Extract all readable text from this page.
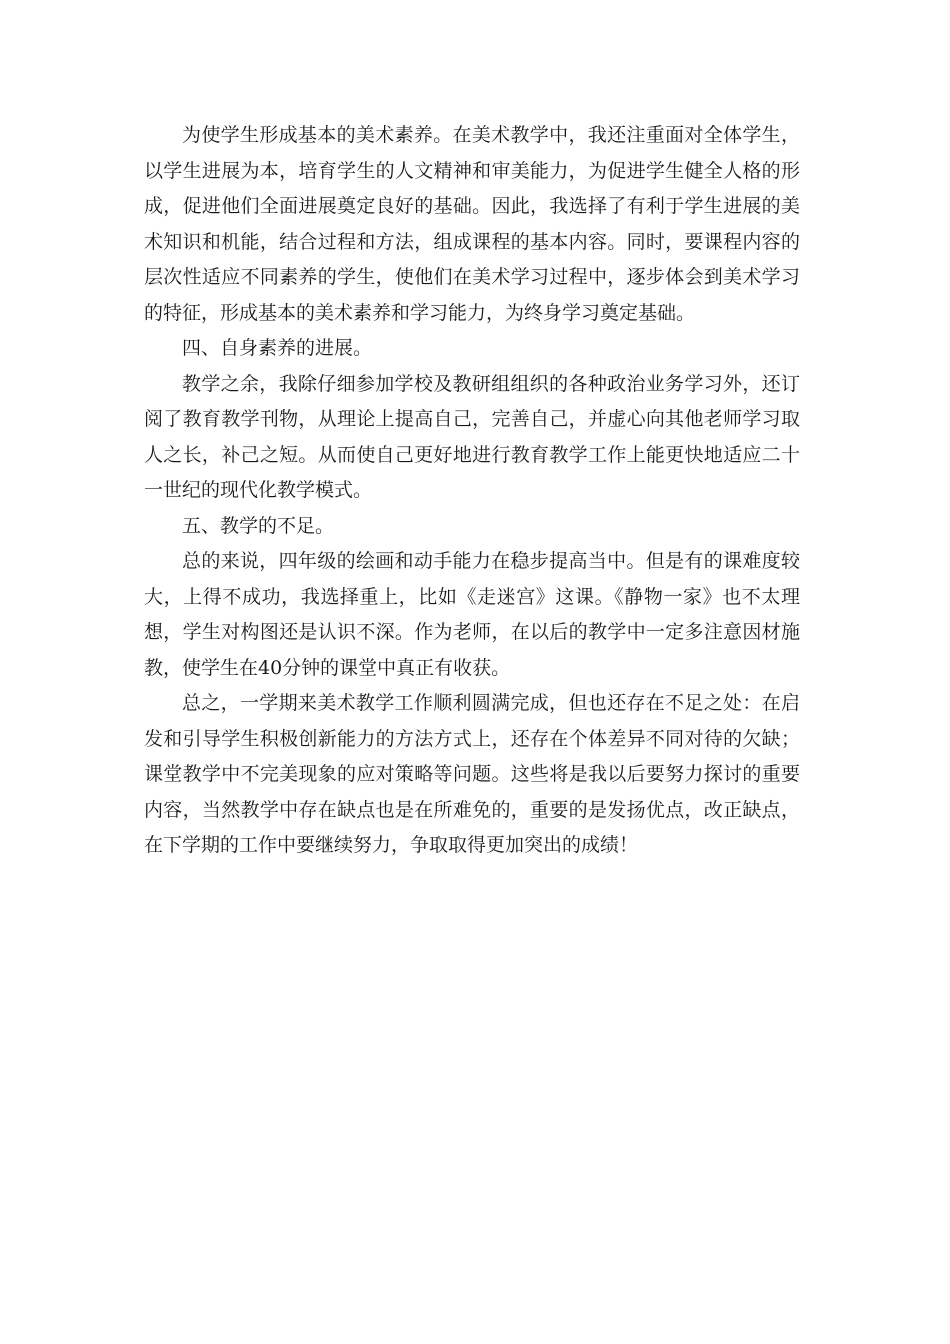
为使学生形成基本的美术素养。在美术教学中，我还注重面对全体学生，以学生进展为本，培育学生的人文精神和审美能力，为促进学生健全人格的形成，促进他们全面进展奠定良好的基础。因此，我选择了有利于学生进展的美术知识和机能，结合过程和方法，组成课程的基本内容。同时，要课程内容的层次性适应不同素养的学生，使他们在美术学习过程中，逐步体会到美术学习的特征，形成基本的美术素养和学习能力，为终身学习奠定基础。

四、自身素养的进展。

教学之余，我除仔细参加学校及教研组组织的各种政治业务学习外，还订阅了教育教学刊物，从理论上提高自己，完善自己，并虚心向其他老师学习取人之长，补己之短。从而使自己更好地进行教育教学工作上能更快地适应二十一世纪的现代化教学模式。

五、教学的不足。

总的来说，四年级的绘画和动手能力在稳步提高当中。但是有的课难度较大，上得不成功，我选择重上，比如《走迷宫》这课。《静物一家》也不太理想，学生对构图还是认识不深。作为老师，在以后的教学中一定多注意因材施教，使学生在40分钟的课堂中真正有收获。

总之，一学期来美术教学工作顺利圆满完成，但也还存在不足之处：在启发和引导学生积极创新能力的方法方式上，还存在个体差异不同对待的欠缺；课堂教学中不完美现象的应对策略等问题。这些将是我以后要努力探讨的重要内容，当然教学中存在缺点也是在所难免的，重要的是发扬优点，改正缺点，在下学期的工作中要继续努力，争取取得更加突出的成绩！
